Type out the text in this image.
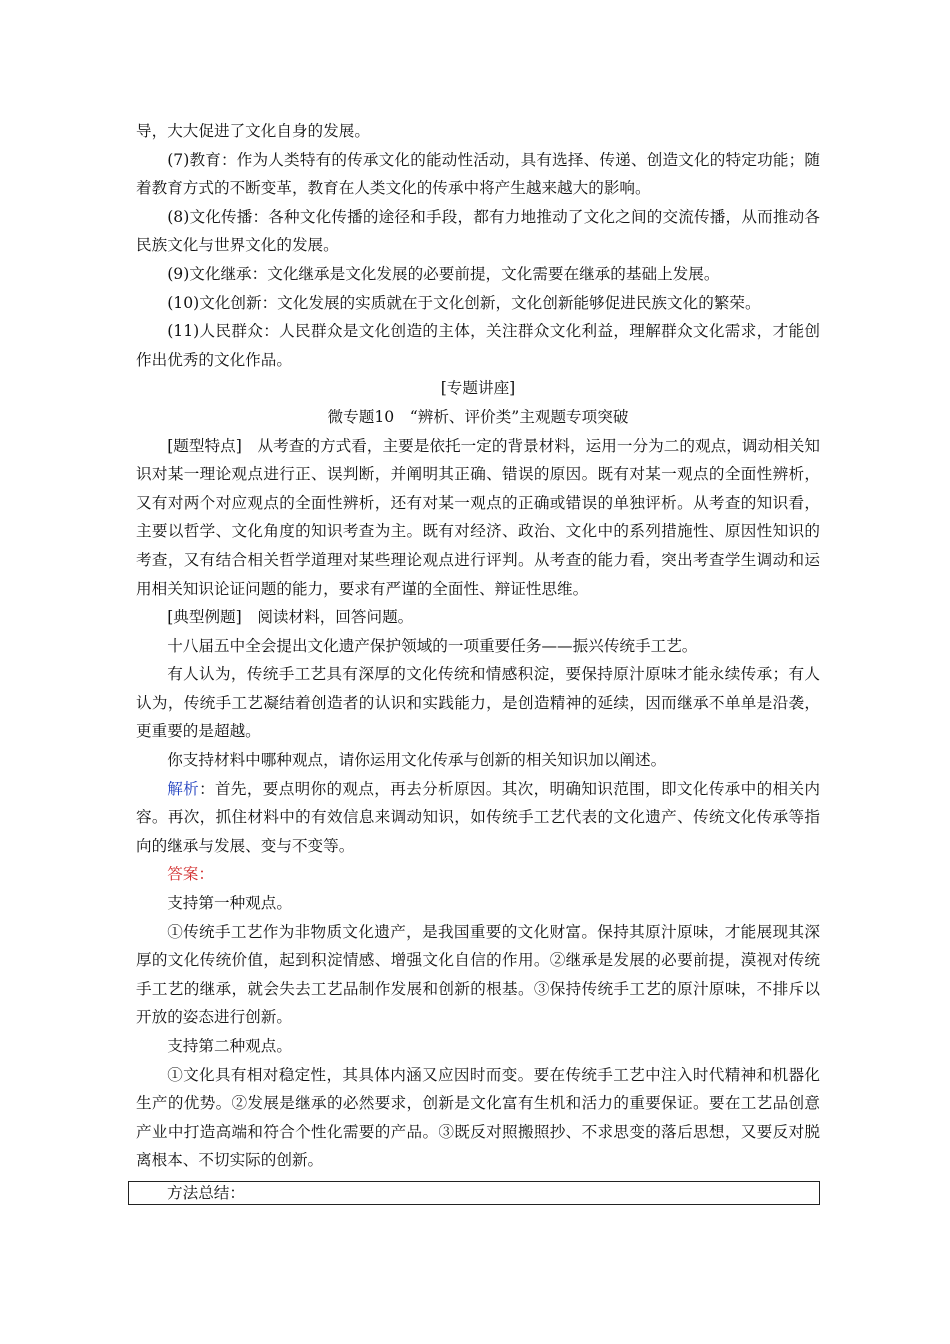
导，大大促进了文化自身的发展。

(7)教育：作为人类特有的传承文化的能动性活动，具有选择、传递、创造文化的特定功能；随着教育方式的不断变革，教育在人类文化的传承中将产生越来越大的影响。

(8)文化传播：各种文化传播的途径和手段，都有力地推动了文化之间的交流传播，从而推动各民族文化与世界文化的发展。

(9)文化继承：文化继承是文化发展的必要前提，文化需要在继承的基础上发展。

(10)文化创新：文化发展的实质就在于文化创新，文化创新能够促进民族文化的繁荣。

(11)人民群众：人民群众是文化创造的主体，关注群众文化利益，理解群众文化需求，才能创作出优秀的文化作品。

[专题讲座]

微专题10　“辨析、评价类”主观题专项突破

[题型特点]　从考查的方式看，主要是依托一定的背景材料，运用一分为二的观点，调动相关知识对某一理论观点进行正、误判断，并阐明其正确、错误的原因。既有对某一观点的全面性辨析，又有对两个对应观点的全面性辨析，还有对某一观点的正确或错误的单独评析。从考查的知识看，主要以哲学、文化角度的知识考查为主。既有对经济、政治、文化中的系列措施性、原因性知识的考查，又有结合相关哲学道理对某些理论观点进行评判。从考查的能力看，突出考查学生调动和运用相关知识论证问题的能力，要求有严谨的全面性、辩证性思维。

[典型例题]　阅读材料，回答问题。

十八届五中全会提出文化遗产保护领域的一项重要任务——振兴传统手工艺。

有人认为，传统手工艺具有深厚的文化传统和情感积淀，要保持原汁原味才能永续传承；有人认为，传统手工艺凝结着创造者的认识和实践能力，是创造精神的延续，因而继承不单单是沿袭，更重要的是超越。

你支持材料中哪种观点，请你运用文化传承与创新的相关知识加以阐述。

解析：首先，要点明你的观点，再去分析原因。其次，明确知识范围，即文化传承中的相关内容。再次，抓住材料中的有效信息来调动知识，如传统手工艺代表的文化遗产、传统文化传承等指向的继承与发展、变与不变等。

答案：

支持第一种观点。

①传统手工艺作为非物质文化遗产，是我国重要的文化财富。保持其原汁原味，才能展现其深厚的文化传统价值，起到积淀情感、增强文化自信的作用。②继承是发展的必要前提，漠视对传统手工艺的继承，就会失去工艺品制作发展和创新的根基。③保持传统手工艺的原汁原味，不排斥以开放的姿态进行创新。

支持第二种观点。

①文化具有相对稳定性，其具体内涵又应因时而变。要在传统手工艺中注入时代精神和机器化生产的优势。②发展是继承的必然要求，创新是文化富有生机和活力的重要保证。要在工艺品创意产业中打造高端和符合个性化需要的产品。③既反对照搬照抄、不求思变的落后思想，又要反对脱离根本、不切实际的创新。

方法总结：
